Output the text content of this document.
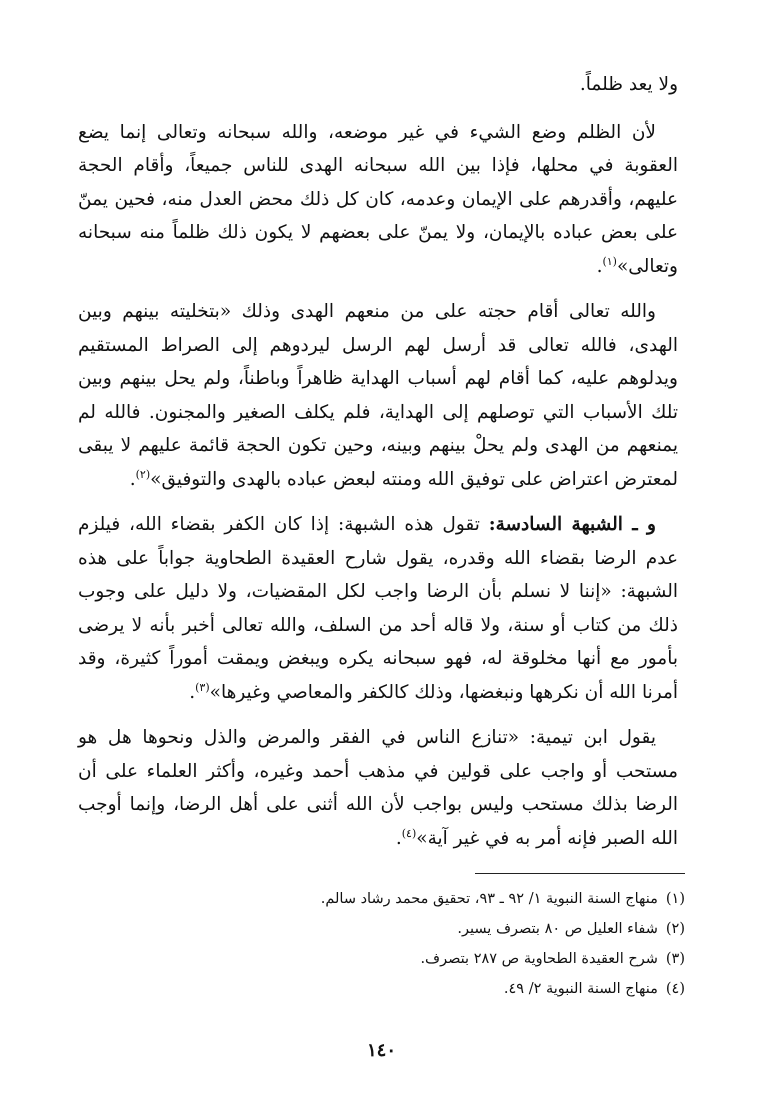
ولا يعد ظلماً.

لأن الظلم وضع الشيء في غير موضعه، والله سبحانه وتعالى إنما يضع العقوبة في محلها، فإذا بين الله سبحانه الهدى للناس جميعاً، وأقام الحجة عليهم، وأقدرهم على الإيمان وعدمه، كان كل ذلك محض العدل منه، فحين يمنّ على بعض عباده بالإيمان، ولا يمنّ على بعضهم لا يكون ذلك ظلماً منه سبحانه وتعالى»$^{(١)}$.

والله تعالى أقام حجته على من منعهم الهدى وذلك «بتخليته بينهم وبين الهدى، فالله تعالى قد أرسل لهم الرسل ليردوهم إلى الصراط المستقيم ويدلوهم عليه، كما أقام لهم أسباب الهداية ظاهراً وباطناً، ولم يحل بينهم وبين تلك الأسباب التي توصلهم إلى الهداية، فلم يكلف الصغير والمجنون. فالله لم يمنعهم من الهدى ولم يحلْ بينهم وبينه، وحين تكون الحجة قائمة عليهم لا يبقى لمعترض اعتراض على توفيق الله ومنته لبعض عباده بالهدى والتوفيق»$^{(٢)}$.

و ـ الشبهة السادسة: تقول هذه الشبهة: إذا كان الكفر بقضاء الله، فيلزم عدم الرضا بقضاء الله وقدره، يقول شارح العقيدة الطحاوية جواباً على هذه الشبهة: «إننا لا نسلم بأن الرضا واجب لكل المقضيات، ولا دليل على وجوب ذلك من كتاب أو سنة، ولا قاله أحد من السلف، والله تعالى أخبر بأنه لا يرضى بأمور مع أنها مخلوقة له، فهو سبحانه يكره ويبغض ويمقت أموراً كثيرة، وقد أمرنا الله أن نكرهها ونبغضها، وذلك كالكفر والمعاصي وغيرها»$^{(٣)}$.

يقول ابن تيمية: «تنازع الناس في الفقر والمرض والذل ونحوها هل هو مستحب أو واجب على قولين في مذهب أحمد وغيره، وأكثر العلماء على أن الرضا بذلك مستحب وليس بواجب لأن الله أثنى على أهل الرضا، وإنما أوجب الله الصبر فإنه أمر به في غير آية»$^{(٤)}$.

(١)منهاج السنة النبوية ١/ ٩٢ ـ ٩٣، تحقيق محمد رشاد سالم.
(٢)شفاء العليل ص ٨٠ بتصرف يسير.
(٣)شرح العقيدة الطحاوية ص ٢٨٧ بتصرف.
(٤)منهاج السنة النبوية ٢/ ٤٩.
١٤٠
